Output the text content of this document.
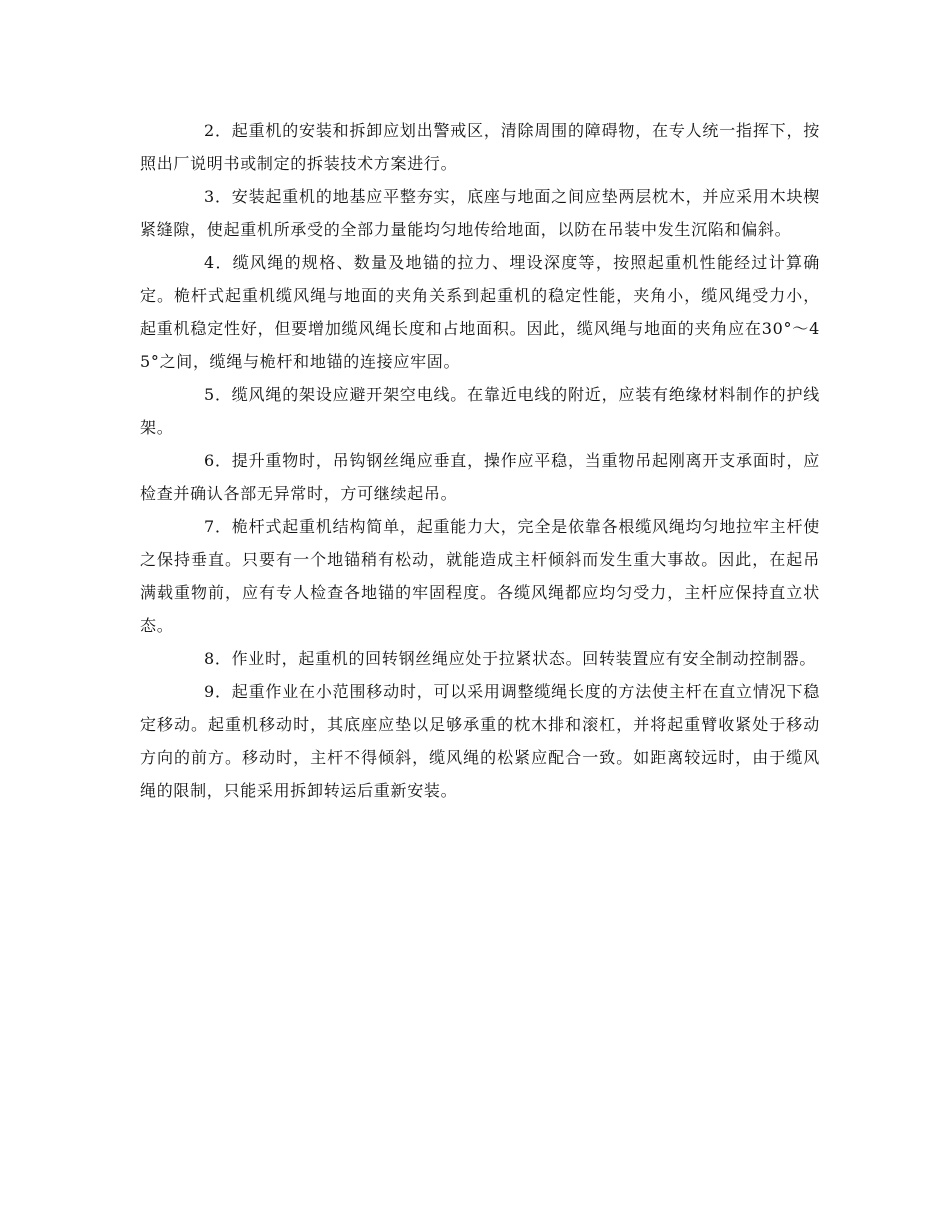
2．起重机的安装和拆卸应划出警戒区，清除周围的障碍物，在专人统一指挥下，按照出厂说明书或制定的拆装技术方案进行。

3．安装起重机的地基应平整夯实，底座与地面之间应垫两层枕木，并应采用木块楔紧缝隙，使起重机所承受的全部力量能均匀地传给地面，以防在吊装中发生沉陷和偏斜。

4．缆风绳的规格、数量及地锚的拉力、埋设深度等，按照起重机性能经过计算确定。桅杆式起重机缆风绳与地面的夹角关系到起重机的稳定性能，夹角小，缆风绳受力小，起重机稳定性好，但要增加缆风绳长度和占地面积。因此，缆风绳与地面的夹角应在30°～45°之间，缆绳与桅杆和地锚的连接应牢固。

5．缆风绳的架设应避开架空电线。在靠近电线的附近，应装有绝缘材料制作的护线架。

6．提升重物时，吊钩钢丝绳应垂直，操作应平稳，当重物吊起刚离开支承面时，应检查并确认各部无异常时，方可继续起吊。

7．桅杆式起重机结构简单，起重能力大，完全是依靠各根缆风绳均匀地拉牢主杆使之保持垂直。只要有一个地锚稍有松动，就能造成主杆倾斜而发生重大事故。因此，在起吊满载重物前，应有专人检查各地锚的牢固程度。各缆风绳都应均匀受力，主杆应保持直立状态。

8．作业时，起重机的回转钢丝绳应处于拉紧状态。回转装置应有安全制动控制器。

9．起重作业在小范围移动时，可以采用调整缆绳长度的方法使主杆在直立情况下稳定移动。起重机移动时，其底座应垫以足够承重的枕木排和滚杠，并将起重臂收紧处于移动方向的前方。移动时，主杆不得倾斜，缆风绳的松紧应配合一致。如距离较远时，由于缆风绳的限制，只能采用拆卸转运后重新安装。
